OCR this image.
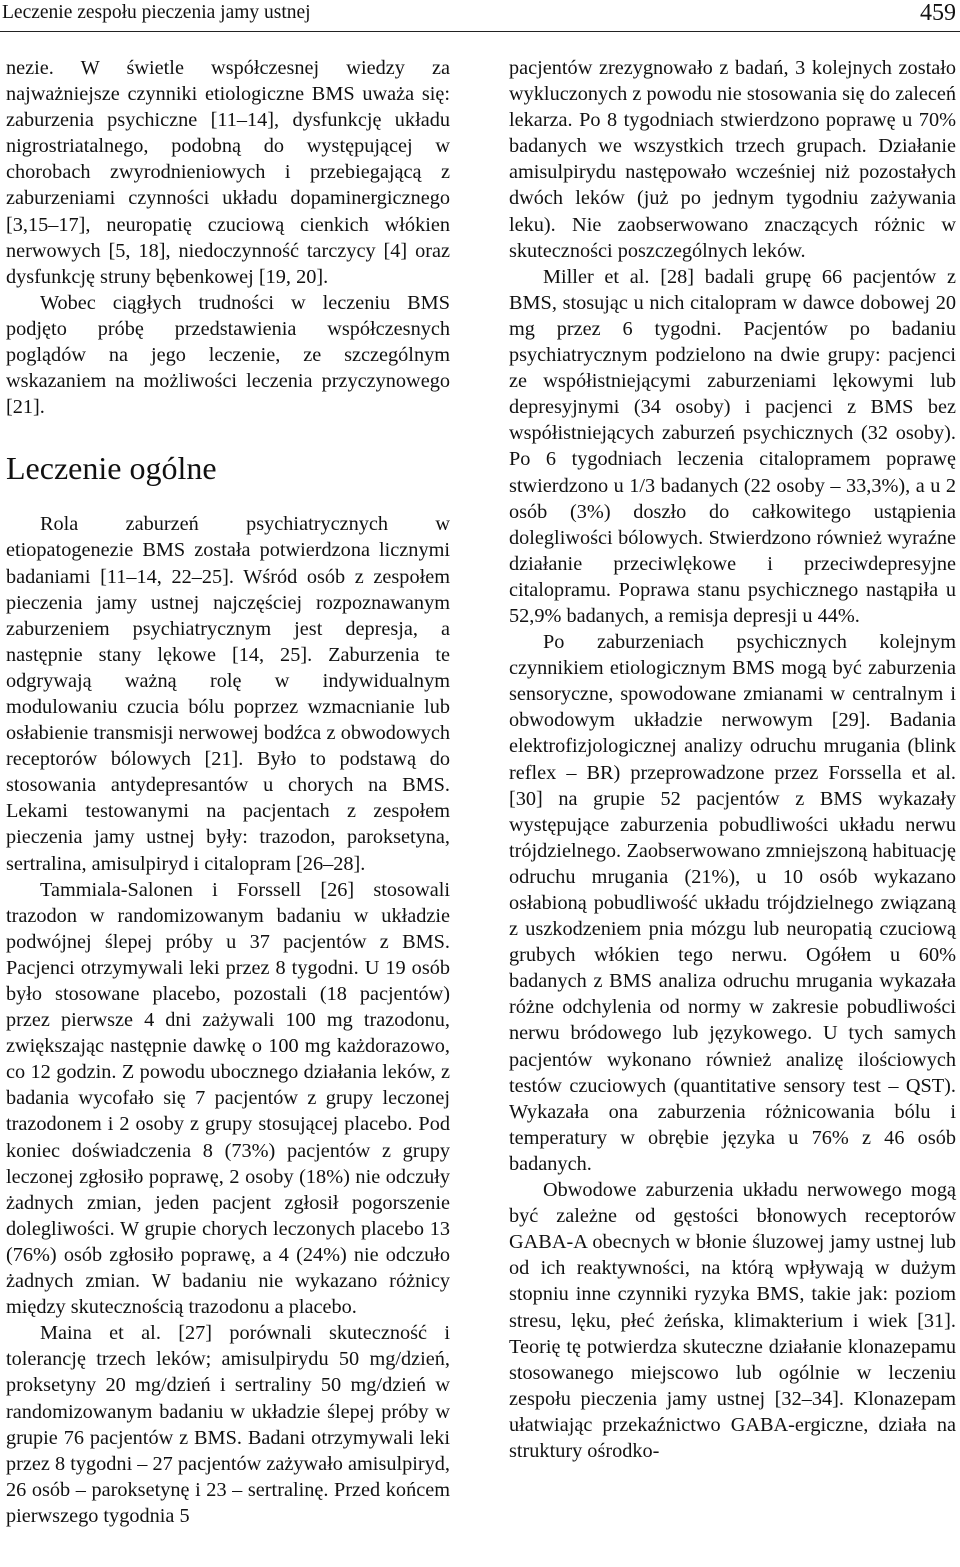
Leczenie zespołu pieczenia jamy ustnej	459

nezie. W świetle współczesnej wiedzy za najważniejsze czynniki etiologiczne BMS uważa się: zaburzenia psychiczne [11–14], dysfunkcję układu nigrostriatalnego, podobną do występującej w chorobach zwyrodnieniowych i przebiegającą z zaburzeniami czynności układu dopaminergicznego [3,15–17], neuropatię czuciową cienkich włókien nerwowych [5, 18], niedoczynność tarczycy [4] oraz dysfunkcję struny bębenkowej [19, 20].

Wobec ciągłych trudności w leczeniu BMS podjęto próbę przedstawienia współczesnych poglądów na jego leczenie, ze szczególnym wskazaniem na możliwości leczenia przyczynowego [21].

Leczenie ogólne

Rola zaburzeń psychiatrycznych w etiopatogenezie BMS została potwierdzona licznymi badaniami [11–14, 22–25]. Wśród osób z zespołem pieczenia jamy ustnej najczęściej rozpoznawanym zaburzeniem psychiatrycznym jest depresja, a następnie stany lękowe [14, 25]. Zaburzenia te odgrywają ważną rolę w indywidualnym modulowaniu czucia bólu poprzez wzmacnianie lub osłabienie transmisji nerwowej bodźca z obwodowych receptorów bólowych [21]. Było to podstawą do stosowania antydepresantów u chorych na BMS. Lekami testowanymi na pacjentach z zespołem pieczenia jamy ustnej były: trazodon, paroksetyna, sertralina, amisulpiryd i citalopram [26–28].

Tammiala-Salonen i Forssell [26] stosowali trazodon w randomizowanym badaniu w układzie podwójnej ślepej próby u 37 pacjentów z BMS. Pacjenci otrzymywali leki przez 8 tygodni. U 19 osób było stosowane placebo, pozostali (18 pacjentów) przez pierwsze 4 dni zażywali 100 mg trazodonu, zwiększając następnie dawkę o 100 mg każdorazowo, co 12 godzin. Z powodu ubocznego działania leków, z badania wycofało się 7 pacjentów z grupy leczonej trazodonem i 2 osoby z grupy stosującej placebo. Pod koniec doświadczenia 8 (73%) pacjentów z grupy leczonej zgłosiło poprawę, 2 osoby (18%) nie odczuły żadnych zmian, jeden pacjent zgłosił pogorszenie dolegliwości. W grupie chorych leczonych placebo 13 (76%) osób zgłosiło poprawę, a 4 (24%) nie odczuło żadnych zmian. W badaniu nie wykazano różnicy między skutecznością trazodonu a placebo.

Maina et al. [27] porównali skuteczność i tolerancję trzech leków; amisulpirydu 50 mg/dzień, proksetyny 20 mg/dzień i sertraliny 50 mg/dzień w randomizowanym badaniu w układzie ślepej próby w grupie 76 pacjentów z BMS. Badani otrzymywali leki przez 8 tygodni – 27 pacjentów zażywało amisulpiryd, 26 osób – paroksetynę i 23 – sertralinę. Przed końcem pierwszego tygodnia 5

pacjentów zrezygnowało z badań, 3 kolejnych zostało wykluczonych z powodu nie stosowania się do zaleceń lekarza. Po 8 tygodniach stwierdzono poprawę u 70% badanych we wszystkich trzech grupach. Działanie amisulpirydu następowało wcześniej niż pozostałych dwóch leków (już po jednym tygodniu zażywania leku). Nie zaobserwowano znaczących różnic w skuteczności poszczególnych leków.

Miller et al. [28] badali grupę 66 pacjentów z BMS, stosując u nich citalopram w dawce dobowej 20 mg przez 6 tygodni. Pacjentów po badaniu psychiatrycznym podzielono na dwie grupy: pacjenci ze współistniejącymi zaburzeniami lękowymi lub depresyjnymi (34 osoby) i pacjenci z BMS bez współistniejących zaburzeń psychicznych (32 osoby). Po 6 tygodniach leczenia citalopramem poprawę stwierdzono u 1/3 badanych (22 osoby – 33,3%), a u 2 osób (3%) doszło do całkowitego ustąpienia dolegliwości bólowych. Stwierdzono również wyraźne działanie przeciwlękowe i przeciwdepresyjne citalopramu. Poprawa stanu psychicznego nastąpiła u 52,9% badanych, a remisja depresji u 44%.

Po zaburzeniach psychicznych kolejnym czynnikiem etiologicznym BMS mogą być zaburzenia sensoryczne, spowodowane zmianami w centralnym i obwodowym układzie nerwowym [29]. Badania elektrofizjologicznej analizy odruchu mrugania (blink reflex – BR) przeprowadzone przez Forssella et al. [30] na grupie 52 pacjentów z BMS wykazały występujące zaburzenia pobudliwości układu nerwu trójdzielnego. Zaobserwowano zmniejszoną habituację odruchu mrugania (21%), u 10 osób wykazano osłabioną pobudliwość układu trójdzielnego związaną z uszkodzeniem pnia mózgu lub neuropatią czuciową grubych włókien tego nerwu. Ogółem u 60% badanych z BMS analiza odruchu mrugania wykazała różne odchylenia od normy w zakresie pobudliwości nerwu bródowego lub językowego. U tych samych pacjentów wykonano również analizę ilościowych testów czuciowych (quantitative sensory test – QST). Wykazała ona zaburzenia różnicowania bólu i temperatury w obrębie języka u 76% z 46 osób badanych.

Obwodowe zaburzenia układu nerwowego mogą być zależne od gęstości błonowych receptorów GABA-A obecnych w błonie śluzowej jamy ustnej lub od ich reaktywności, na którą wpływają w dużym stopniu inne czynniki ryzyka BMS, takie jak: poziom stresu, lęku, płeć żeńska, klimakterium i wiek [31]. Teorię tę potwierdza skuteczne działanie klonazepamu stosowanego miejscowo lub ogólnie w leczeniu zespołu pieczenia jamy ustnej [32–34]. Klonazepam ułatwiając przekaźnictwo GABA-ergiczne, działa na struktury ośrodko-
